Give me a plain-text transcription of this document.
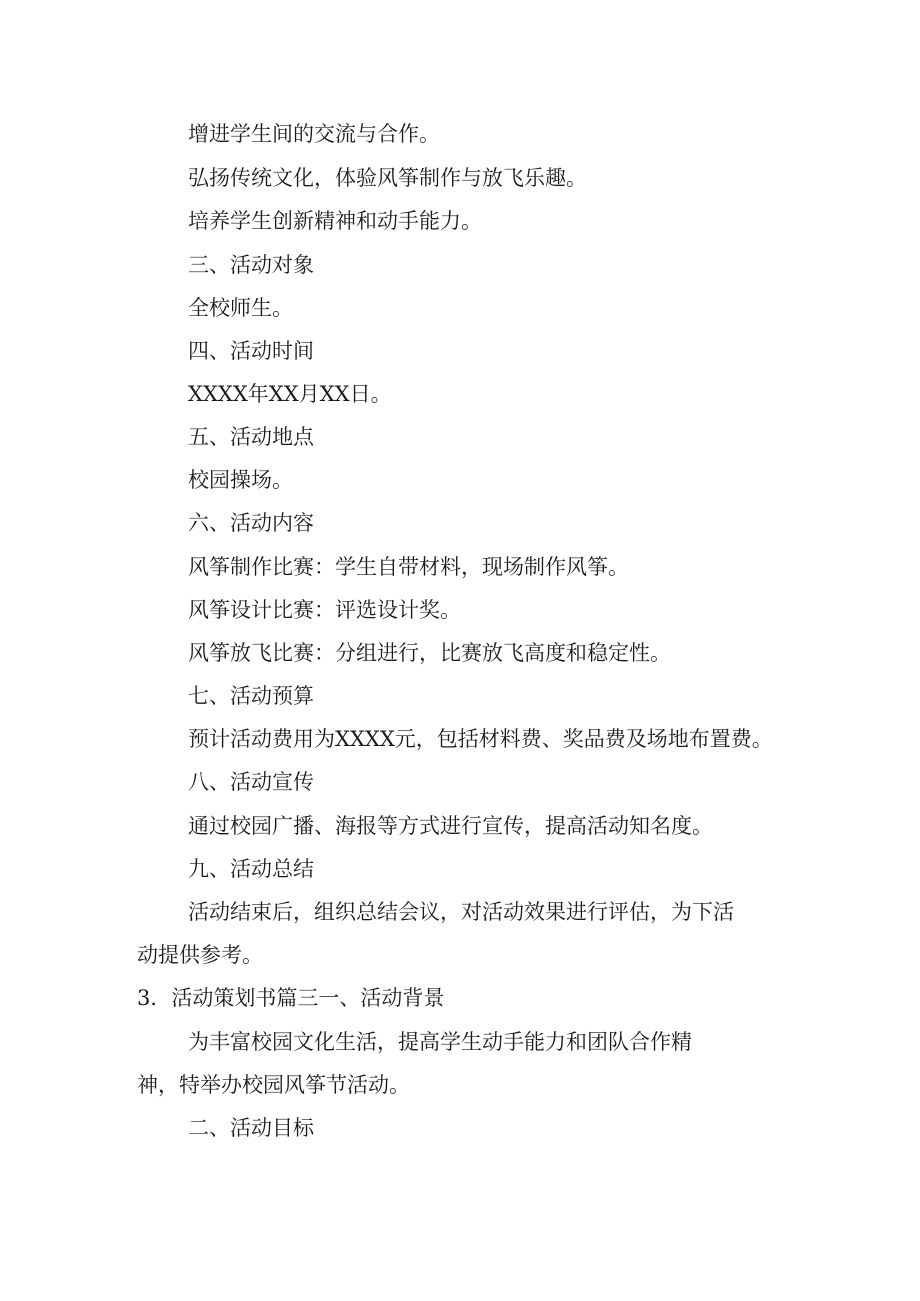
增进学生间的交流与合作。
弘扬传统文化，体验风筝制作与放飞乐趣。
培养学生创新精神和动手能力。
三、活动对象
全校师生。
四、活动时间
XXXX年XX月XX日。
五、活动地点
校园操场。
六、活动内容
风筝制作比赛：学生自带材料，现场制作风筝。
风筝设计比赛：评选设计奖。
风筝放飞比赛：分组进行，比赛放飞高度和稳定性。
七、活动预算
预计活动费用为XXXX元，包括材料费、奖品费及场地布置费。
八、活动宣传
通过校园广播、海报等方式进行宣传，提高活动知名度。
九、活动总结
活动结束后，组织总结会议，对活动效果进行评估，为下活
动提供参考。
3．活动策划书篇三一、活动背景
为丰富校园文化生活，提高学生动手能力和团队合作精
神，特举办校园风筝节活动。
二、活动目标
